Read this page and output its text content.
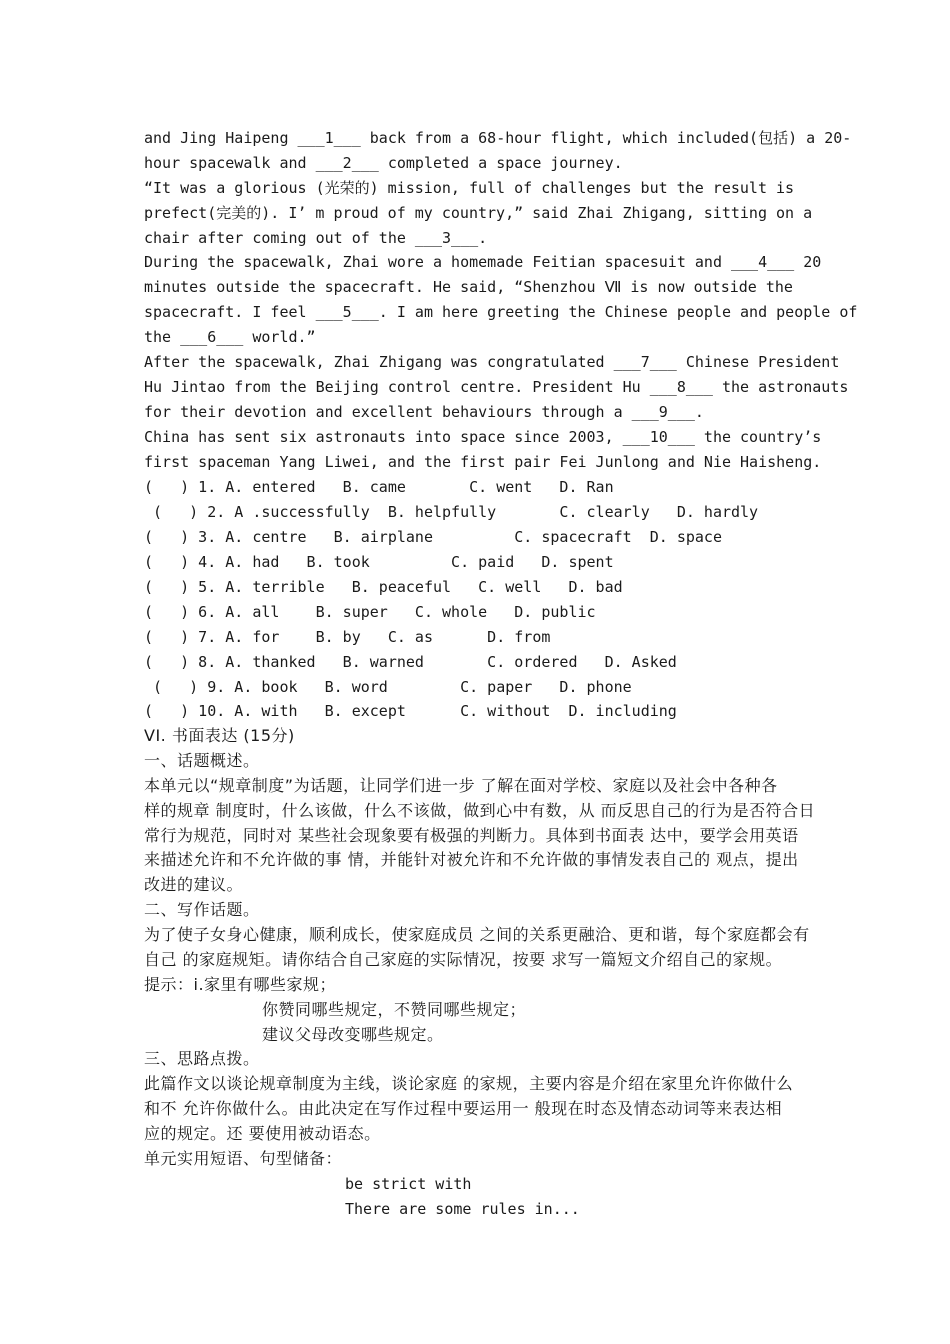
and Jing Haipeng ___1___ back from a 68-hour flight, which included(包括) a 20-
hour spacewalk and ___2___ completed a space journey.
“It was a glorious (光荣的) mission, full of challenges but the result is
prefect(完美的). I’ m proud of my country,” said Zhai Zhigang, sitting on a
chair after coming out of the ___3___.
During the spacewalk, Zhai wore a homemade Feitian spacesuit and ___4___ 20
minutes outside the spacecraft. He said, “Shenzhou Ⅶ is now outside the
spacecraft. I feel ___5___. I am here greeting the Chinese people and people of
the ___6___ world.”
After the spacewalk, Zhai Zhigang was congratulated ___7___ Chinese President
Hu Jintao from the Beijing control centre. President Hu ___8___ the astronauts
for their devotion and excellent behaviours through a ___9___.
China has sent six astronauts into space since 2003, ___10___ the country’s
first spaceman Yang Liwei, and the first pair Fei Junlong and Nie Haisheng.
(   ) 1. A. entered   B. came       C. went   D. Ran
(   ) 2. A .successfully  B. helpfully       C. clearly   D. hardly
(   ) 3. A. centre   B. airplane         C. spacecraft  D. space
(   ) 4. A. had   B. took         C. paid   D. spent
(   ) 5. A. terrible   B. peaceful   C. well   D. bad
(   ) 6. A. all    B. super   C. whole   D. public
(   ) 7. A. for    B. by   C. as      D. from
(   ) 8. A. thanked   B. warned       C. ordered   D. Asked
(   ) 9. A. book   B. word        C. paper   D. phone
(   ) 10. A. with   B. except      C. without  D. including
VI. 书面表达 (15分)
一、话题概述。
本单元以“规章制度”为话题，让同学们进一步 了解在面对学校、家庭以及社会中各种各
样的规章 制度时，什么该做，什么不该做，做到心中有数，从 而反思自己的行为是否符合日
常行为规范，同时对 某些社会现象要有极强的判断力。具体到书面表 达中，要学会用英语
来描述允许和不允许做的事 情，并能针对被允许和不允许做的事情发表自己的 观点，提出
改进的建议。
二、写作话题。
为了使子女身心健康，顺利成长，使家庭成员 之间的关系更融洽、更和谐，每个家庭都会有
自己 的家庭规矩。请你结合自己家庭的实际情况，按要 求写一篇短文介绍自己的家规。
提示：i.家里有哪些家规；
你赞同哪些规定，不赞同哪些规定；
建议父母改变哪些规定。
三、思路点拨。
此篇作文以谈论规章制度为主线，谈论家庭 的家规，主要内容是介绍在家里允许你做什么
和不 允许你做什么。由此决定在写作过程中要运用一 般现在时态及情态动词等来表达相
应的规定。还 要使用被动语态。
单元实用短语、句型储备：
be strict with
There are some rules in...
